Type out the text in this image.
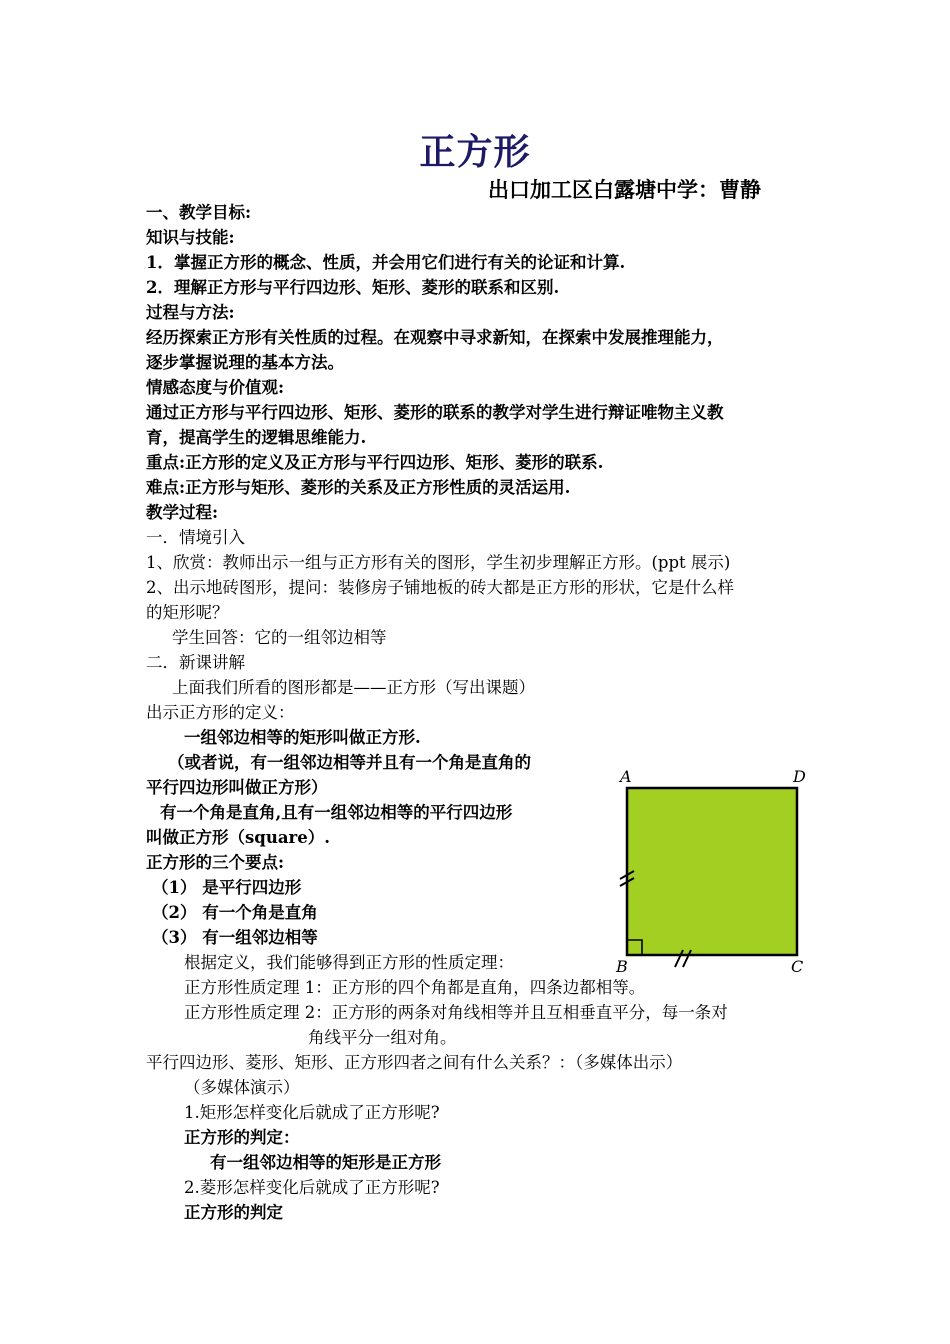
正方形
出口加工区白露塘中学：曹静
一、教学目标:
知识与技能:
1．掌握正方形的概念、性质，并会用它们进行有关的论证和计算.
2．理解正方形与平行四边形、矩形、菱形的联系和区别.
过程与方法:
经历探索正方形有关性质的过程。在观察中寻求新知，在探索中发展推理能力，
逐步掌握说理的基本方法。
情感态度与价值观:
通过正方形与平行四边形、矩形、菱形的联系的教学对学生进行辩证唯物主义教
育，提高学生的逻辑思维能力.
重点:正方形的定义及正方形与平行四边形、矩形、菱形的联系.
难点:正方形与矩形、菱形的关系及正方形性质的灵活运用.
教学过程:
一．情境引入
1、欣赏：教师出示一组与正方形有关的图形，学生初步理解正方形。(ppt 展示)
2、出示地砖图形，提问：装修房子铺地板的砖大都是正方形的形状，它是什么样
的矩形呢？
学生回答：它的一组邻边相等
二．新课讲解
上面我们所看的图形都是——正方形（写出课题）
出示正方形的定义：
一组邻边相等的矩形叫做正方形.
（或者说，有一组邻边相等并且有一个角是直角的
平行四边形叫做正方形）
有一个角是直角,且有一组邻边相等的平行四边形
叫做正方形（square）.
正方形的三个要点:
（1） 是平行四边形
（2） 有一个角是直角
（3） 有一组邻边相等
根据定义，我们能够得到正方形的性质定理：
正方形性质定理 1：正方形的四个角都是直角，四条边都相等。
正方形性质定理 2：正方形的两条对角线相等并且互相垂直平分，每一条对
角线平分一组对角。
平行四边形、菱形、矩形、正方形四者之间有什么关系？：（多媒体出示）
（多媒体演示）
1.矩形怎样变化后就成了正方形呢?
正方形的判定：
有一组邻边相等的矩形是正方形
2.菱形怎样变化后就成了正方形呢?
正方形的判定
A	D
B	C
